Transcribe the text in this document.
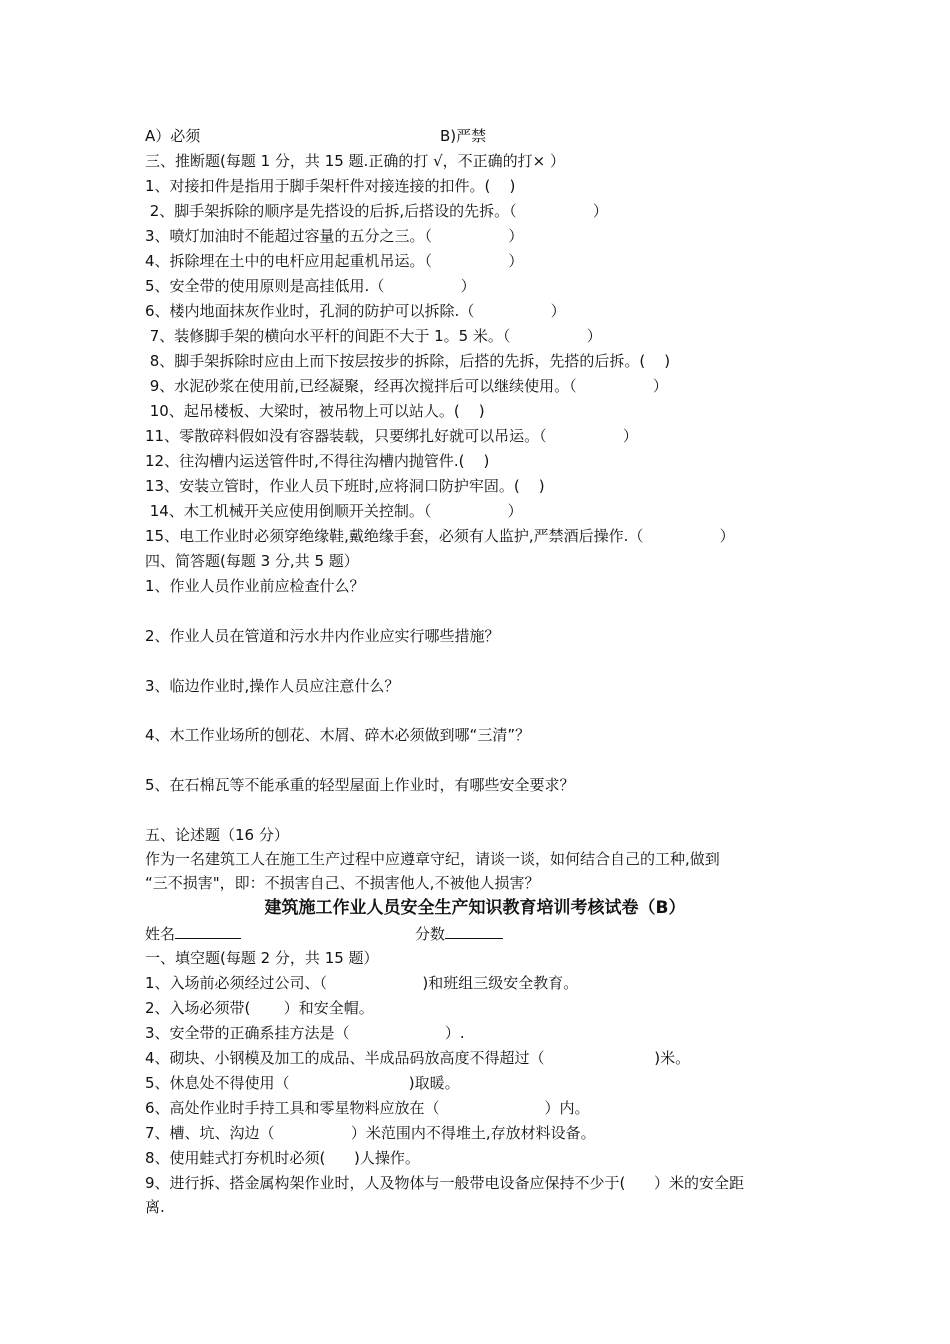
A）必须	B)严禁
三、推断题(每题 1 分，共 15 题.正确的打 √，不正确的打× ）
1、对接扣件是指用于脚手架杆件对接连接的扣件。(    )
2、脚手架拆除的顺序是先搭设的后拆,后搭设的先拆。（                ）
3、喷灯加油时不能超过容量的五分之三。（                ）
4、拆除埋在土中的电杆应用起重机吊运。（                ）
5、安全带的使用原则是高挂低用.（                ）
6、楼内地面抹灰作业时，孔洞的防护可以拆除.（                ）
7、装修脚手架的横向水平杆的间距不大于 1。5 米。（                ）
8、脚手架拆除时应由上而下按层按步的拆除，后搭的先拆，先搭的后拆。(    )
9、水泥砂浆在使用前,已经凝聚，经再次搅拌后可以继续使用。（                ）
10、起吊楼板、大梁时，被吊物上可以站人。(    )
11、零散碎料假如没有容器装载，只要绑扎好就可以吊运。（                ）
12、往沟槽内运送管件时,不得往沟槽内抛管件.(    )
13、安装立管时，作业人员下班时,应将洞口防护牢固。(    )
14、木工机械开关应使用倒顺开关控制。（                ）
15、电工作业时必须穿绝缘鞋,戴绝缘手套，必须有人监护,严禁酒后操作.（                ）
四、简答题(每题 3 分,共 5 题）
1、作业人员作业前应检查什么？
2、作业人员在管道和污水井内作业应实行哪些措施？
3、临边作业时,操作人员应注意什么？
4、木工作业场所的刨花、木屑、碎木必须做到哪“三清”？
5、在石棉瓦等不能承重的轻型屋面上作业时，有哪些安全要求？
五、论述题（16 分）
作为一名建筑工人在施工生产过程中应遵章守纪，请谈一谈，如何结合自己的工种,做到
“三不损害"，即：不损害自己、不损害他人,不被他人损害？
建筑施工作业人员安全生产知识教育培训考核试卷（B）
姓名	分数
一、填空题(每题 2 分，共 15 题）
1、入场前必须经过公司、（                    )和班组三级安全教育。
2、入场必须带(       ）和安全帽。
3、安全带的正确系挂方法是（                    ）.
4、砌块、小钢模及加工的成品、半成品码放高度不得超过（                       )米。
5、休息处不得使用（                         )取暖。
6、高处作业时手持工具和零星物料应放在（                      ）内。
7、槽、坑、沟边（                ）米范围内不得堆土,存放材料设备。
8、使用蛙式打夯机时必须(      )人操作。
9、进行拆、搭金属构架作业时，人及物体与一般带电设备应保持不少于(      ）米的安全距
离.
